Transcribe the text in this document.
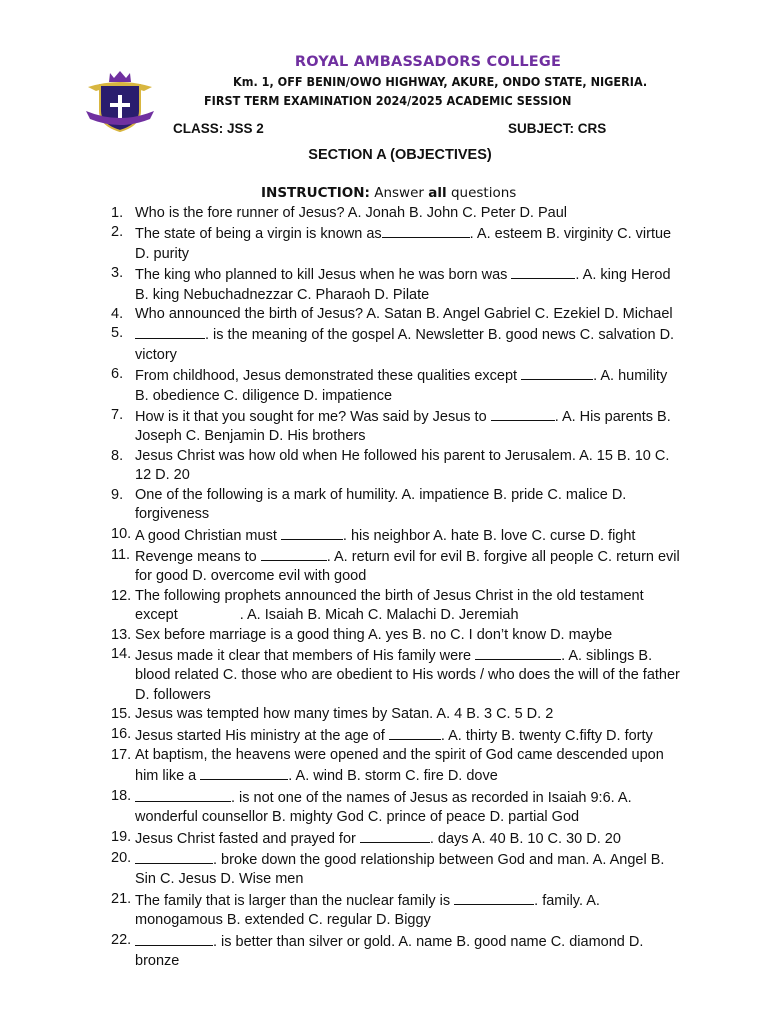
ROYAL AMBASSADORS COLLEGE
Km. 1, OFF BENIN/OWO HIGHWAY, AKURE, ONDO STATE, NIGERIA.
FIRST TERM EXAMINATION 2024/2025 ACADEMIC SESSION
CLASS: JSS 2	SUBJECT: CRS
SECTION A (OBJECTIVES)
INSTRUCTION: Answer all questions
1. Who is the fore runner of Jesus? A. Jonah B. John C. Peter D. Paul
2. The state of being a virgin is known as	. A. esteem B. virginity C. virtue D. purity
3. The king who planned to kill Jesus when he was born was	. A. king Herod B. king Nebuchadnezzar C. Pharaoh D. Pilate
4. Who announced the birth of Jesus? A. Satan B. Angel Gabriel C. Ezekiel D. Michael
5.	. is the meaning of the gospel A. Newsletter B. good news C. salvation D. victory
6. From childhood, Jesus demonstrated these qualities except	. A. humility B. obedience C. diligence D. impatience
7. How is it that you sought for me? Was said by Jesus to	. A. His parents B. Joseph C. Benjamin D. His brothers
8. Jesus Christ was how old when He followed his parent to Jerusalem. A. 15 B. 10 C. 12 D. 20
9. One of the following is a mark of humility. A. impatience B. pride C. malice D. forgiveness
10. A good Christian must	. his neighbor A. hate B. love C. curse D. fight
11. Revenge means to	. A. return evil for evil B. forgive all people C. return evil for good D. overcome evil with good
12. The following prophets announced the birth of Jesus Christ in the old testament except	. A. Isaiah B. Micah C. Malachi D. Jeremiah
13. Sex before marriage is a good thing A. yes B. no C. I don’t know D. maybe
14. Jesus made it clear that members of His family were	. A. siblings B. blood related C. those who are obedient to His words / who does the will of the father D. followers
15. Jesus was tempted how many times by Satan. A. 4 B. 3 C. 5 D. 2
16. Jesus started His ministry at the age of	. A. thirty B. twenty C.fifty D. forty
17. At baptism, the heavens were opened and the spirit of God came descended upon him like a	. A. wind B. storm C. fire D. dove
18.	. is not one of the names of Jesus as recorded in Isaiah 9:6. A. wonderful counsellor B. mighty God C. prince of peace D. partial God
19. Jesus Christ fasted and prayed for	. days A. 40 B. 10 C. 30 D. 20
20.	. broke down the good relationship between God and man. A. Angel B. Sin C. Jesus D. Wise men
21. The family that is larger than the nuclear family is	. family. A. monogamous B. extended C. regular D. Biggy
22.	. is better than silver or gold. A. name B. good name C. diamond D. bronze
